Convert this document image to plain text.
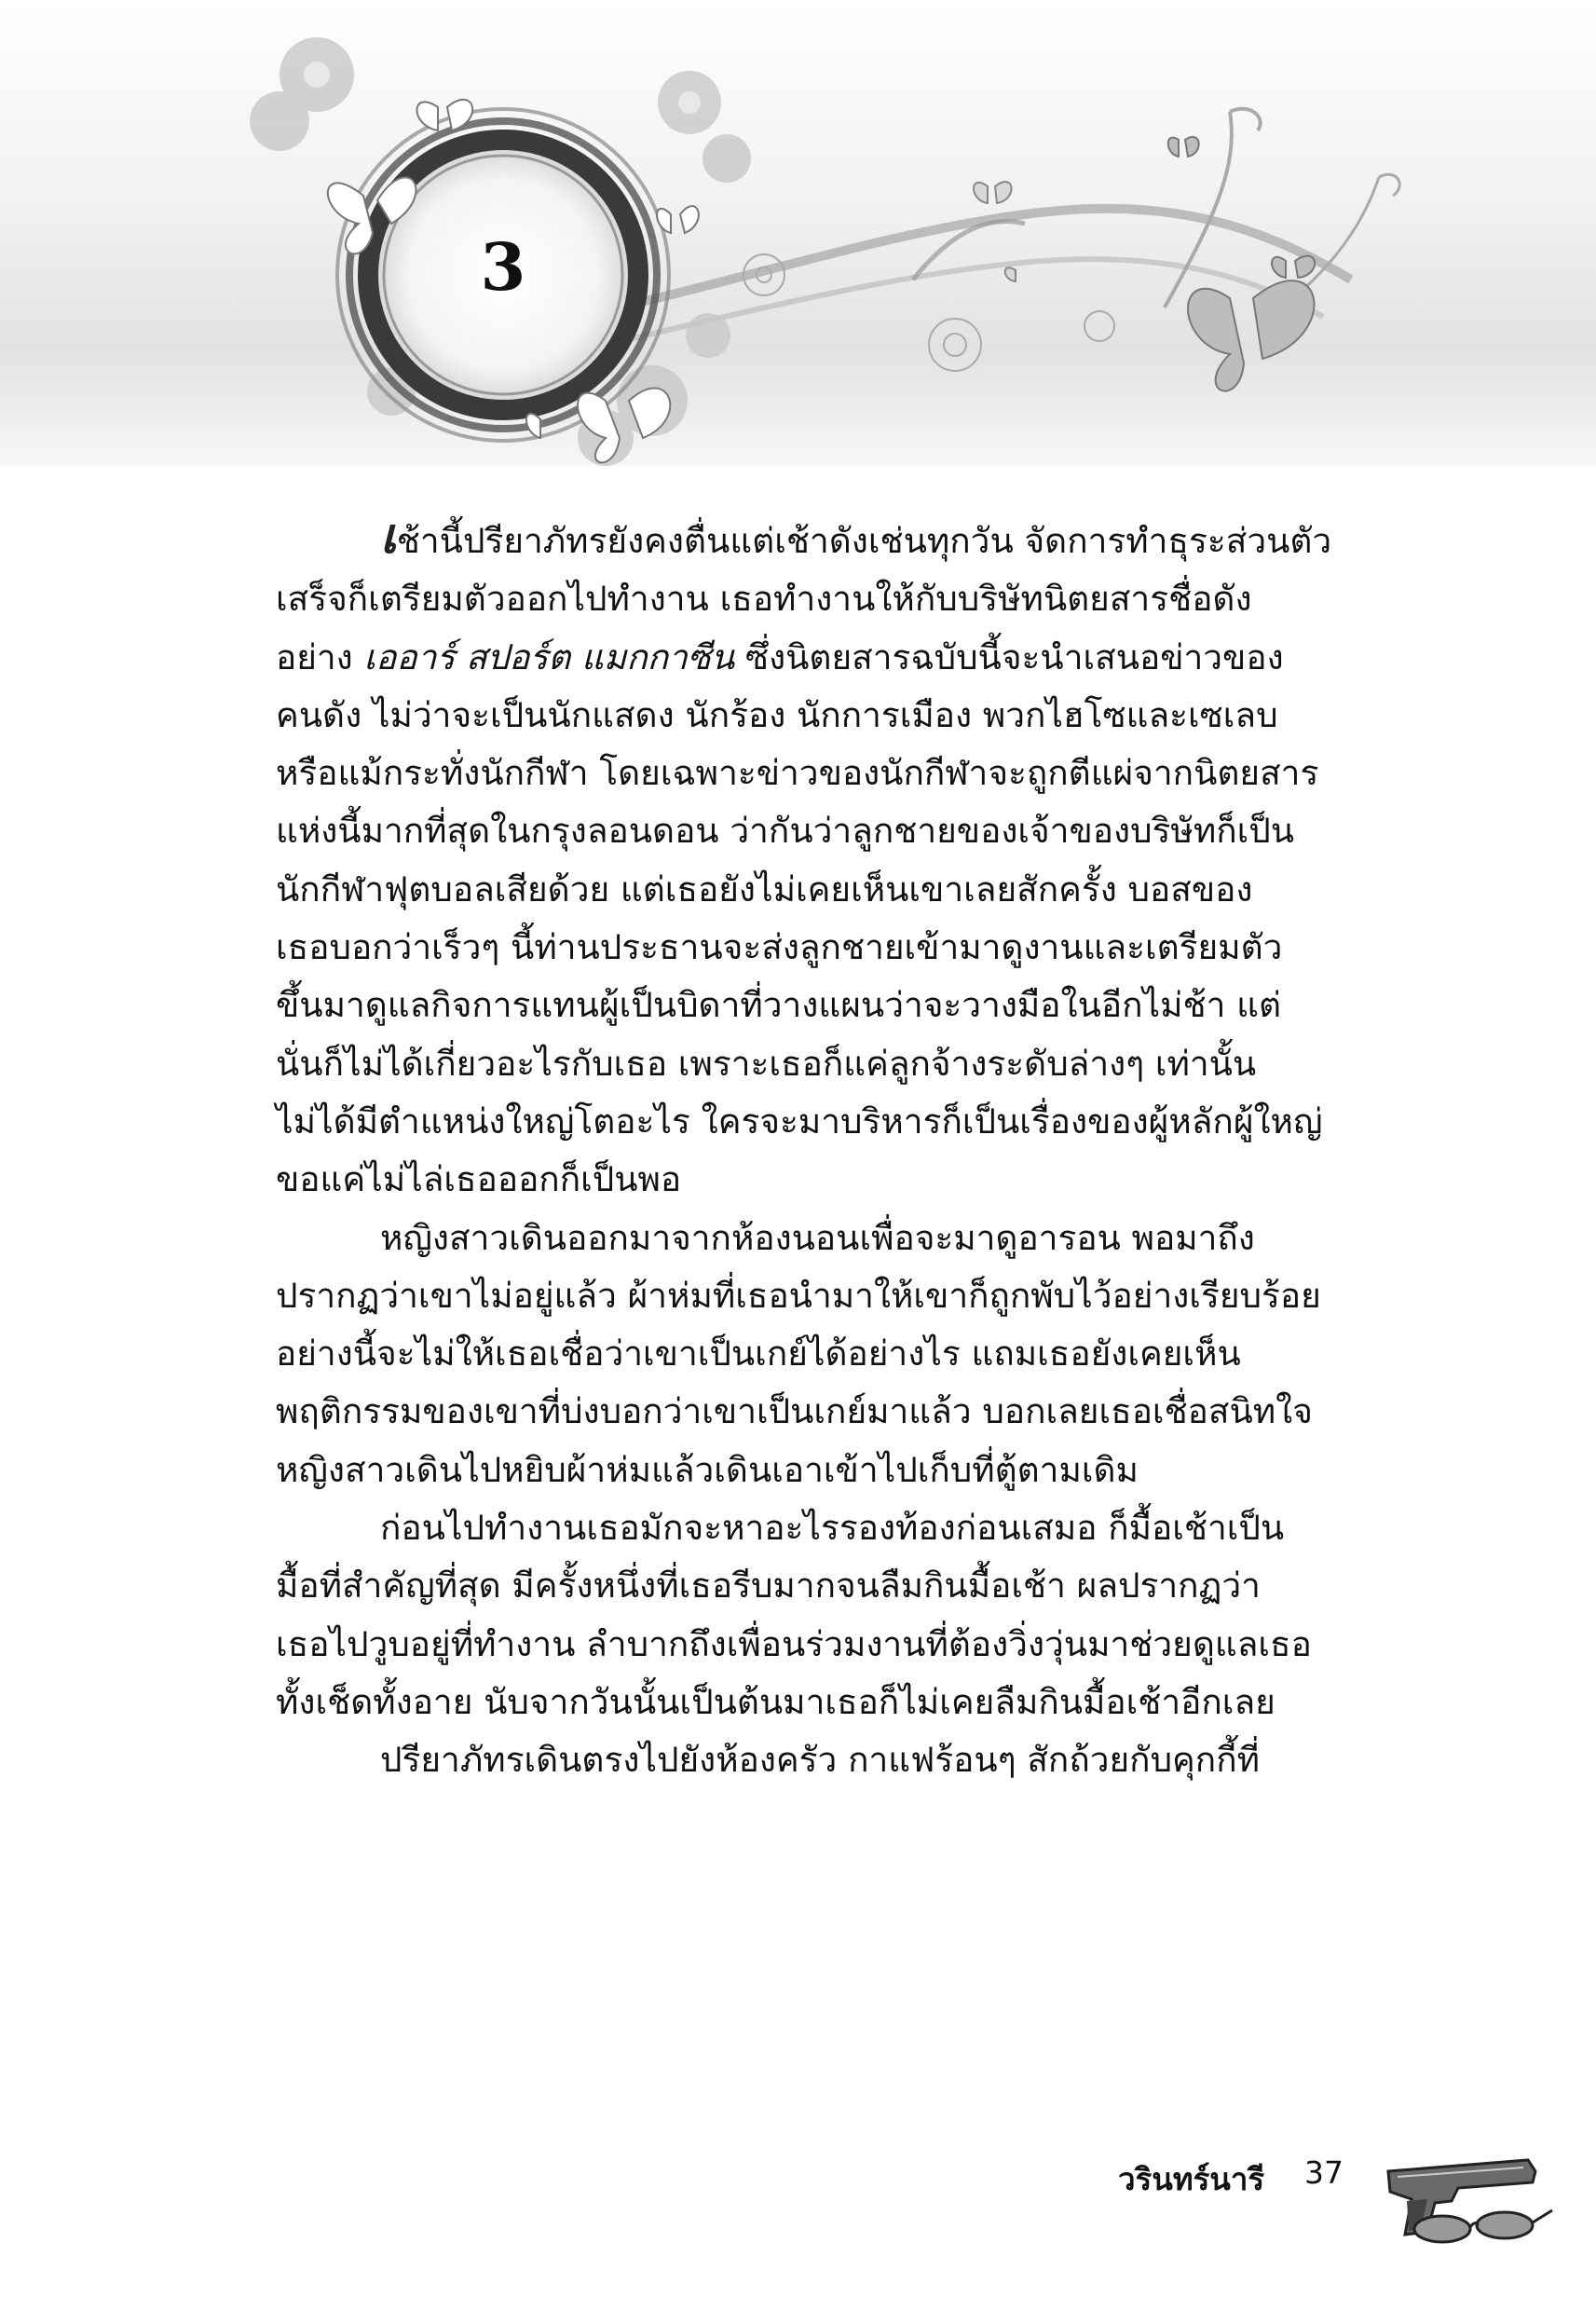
3
เช้านี้ปรียาภัทรยังคงตื่นแต่เช้าดังเช่นทุกวัน จัดการทำธุระส่วนตัว
เสร็จก็เตรียมตัวออกไปทำงาน เธอทำงานให้กับบริษัทนิตยสารชื่อดัง
อย่าง เออาร์ สปอร์ต แมกกาซีน ซึ่งนิตยสารฉบับนี้จะนำเสนอข่าวของ
คนดัง ไม่ว่าจะเป็นนักแสดง นักร้อง นักการเมือง พวกไฮโซและเซเลบ
หรือแม้กระทั่งนักกีฬา โดยเฉพาะข่าวของนักกีฬาจะถูกตีแผ่จากนิตยสาร
แห่งนี้มากที่สุดในกรุงลอนดอน ว่ากันว่าลูกชายของเจ้าของบริษัทก็เป็น
นักกีฬาฟุตบอลเสียด้วย แต่เธอยังไม่เคยเห็นเขาเลยสักครั้ง บอสของ
เธอบอกว่าเร็วๆ นี้ท่านประธานจะส่งลูกชายเข้ามาดูงานและเตรียมตัว
ขึ้นมาดูแลกิจการแทนผู้เป็นบิดาที่วางแผนว่าจะวางมือในอีกไม่ช้า แต่
นั่นก็ไม่ได้เกี่ยวอะไรกับเธอ เพราะเธอก็แค่ลูกจ้างระดับล่างๆ เท่านั้น
ไม่ได้มีตำแหน่งใหญ่โตอะไร ใครจะมาบริหารก็เป็นเรื่องของผู้หลักผู้ใหญ่
ขอแค่ไม่ไล่เธอออกก็เป็นพอ
หญิงสาวเดินออกมาจากห้องนอนเพื่อจะมาดูอารอน พอมาถึง
ปรากฏว่าเขาไม่อยู่แล้ว ผ้าห่มที่เธอนำมาให้เขาก็ถูกพับไว้อย่างเรียบร้อย
อย่างนี้จะไม่ให้เธอเชื่อว่าเขาเป็นเกย์ได้อย่างไร แถมเธอยังเคยเห็น
พฤติกรรมของเขาที่บ่งบอกว่าเขาเป็นเกย์มาแล้ว บอกเลยเธอเชื่อสนิทใจ
หญิงสาวเดินไปหยิบผ้าห่มแล้วเดินเอาเข้าไปเก็บที่ตู้ตามเดิม
ก่อนไปทำงานเธอมักจะหาอะไรรองท้องก่อนเสมอ ก็มื้อเช้าเป็น
มื้อที่สำคัญที่สุด มีครั้งหนึ่งที่เธอรีบมากจนลืมกินมื้อเช้า ผลปรากฏว่า
เธอไปวูบอยู่ที่ทำงาน ลำบากถึงเพื่อนร่วมงานที่ต้องวิ่งวุ่นมาช่วยดูแลเธอ
ทั้งเช็ดทั้งอาย นับจากวันนั้นเป็นต้นมาเธอก็ไม่เคยลืมกินมื้อเช้าอีกเลย
ปรียาภัทรเดินตรงไปยังห้องครัว กาแฟร้อนๆ สักถ้วยกับคุกกี้ที่
วรินทร์นารี 37
